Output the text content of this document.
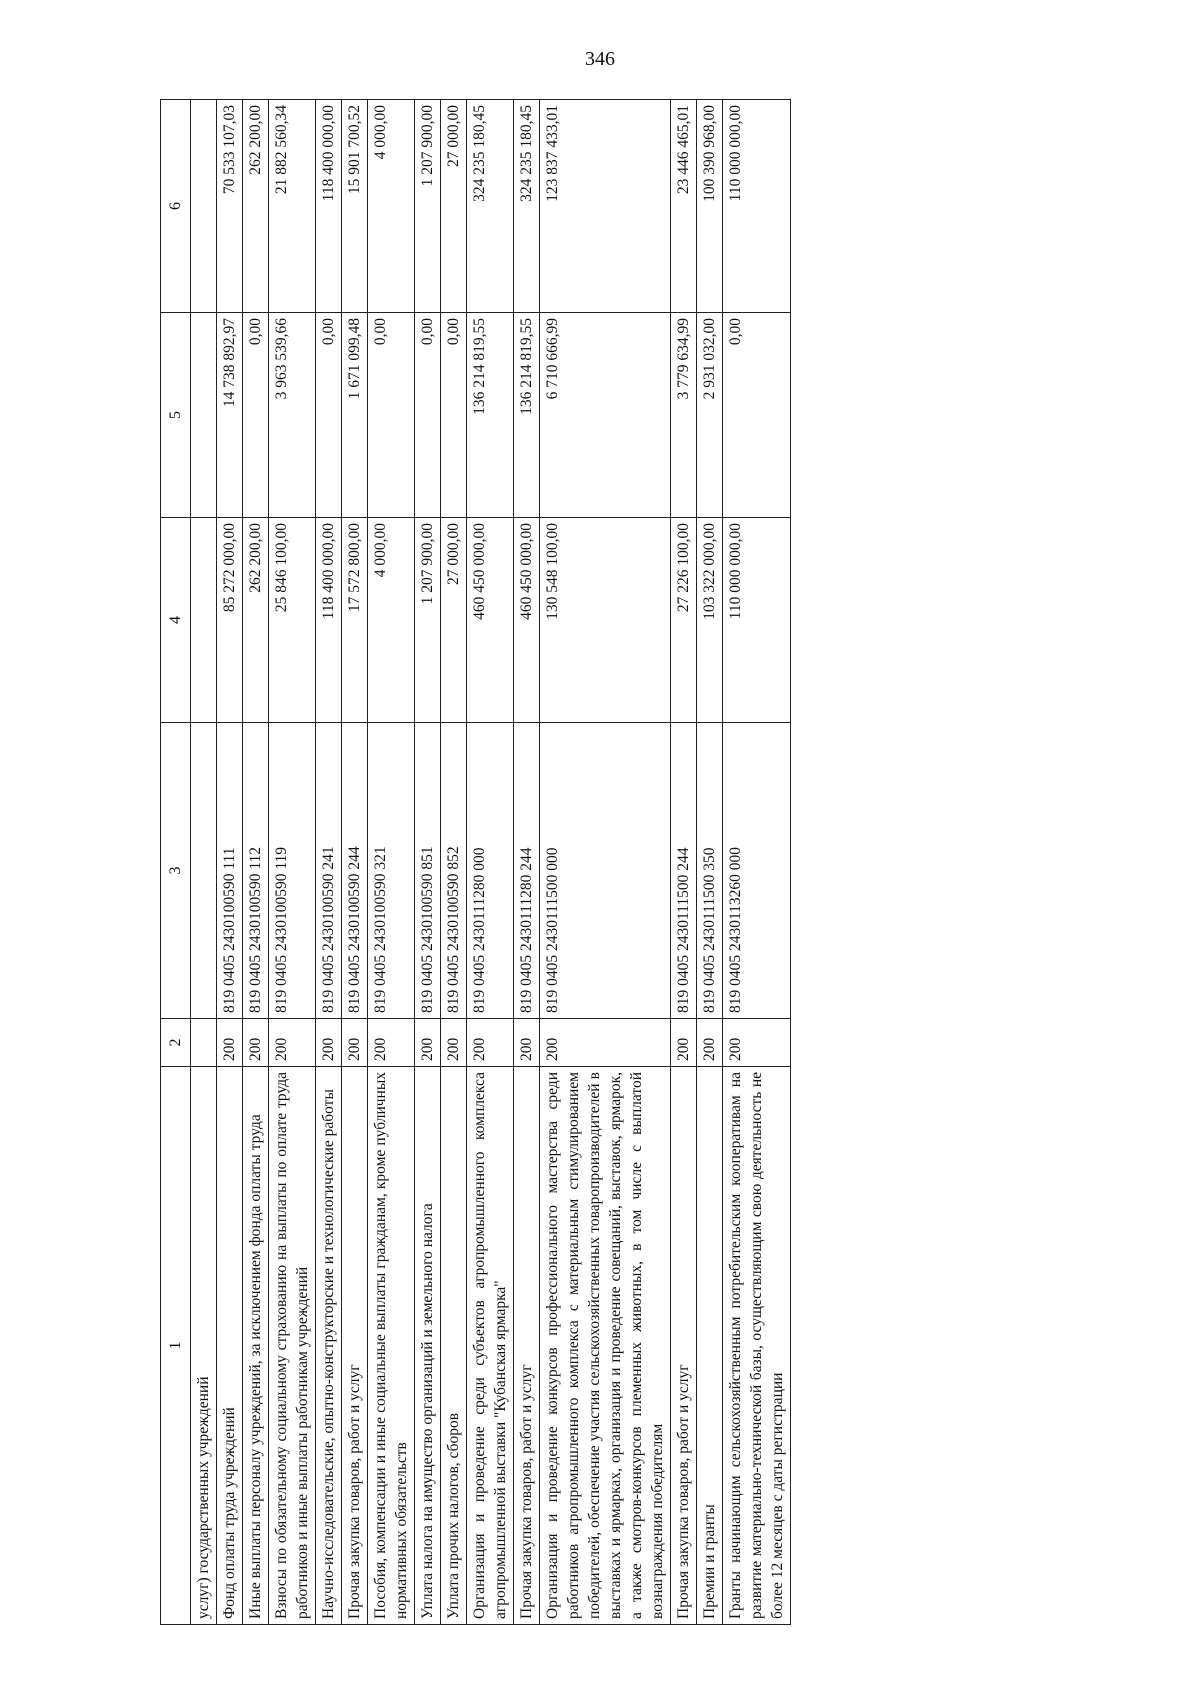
346
1	2	3	4	5	6
услуг) государственных учреждений					
Фонд оплаты труда учреждений	200	819 0405 2430100590 111	85 272 000,00	14 738 892,97	70 533 107,03
Иные выплаты персоналу учреждений, за исключением фонда оплаты труда	200	819 0405 2430100590 112	262 200,00	0,00	262 200,00
Взносы по обязательному социальному страхованию на выплаты по оплате труда работников и иные выплаты работникам учреждений	200	819 0405 2430100590 119	25 846 100,00	3 963 539,66	21 882 560,34
Научно-исследовательские, опытно-конструкторские и технологические работы	200	819 0405 2430100590 241	118 400 000,00	0,00	118 400 000,00
Прочая закупка товаров, работ и услуг	200	819 0405 2430100590 244	17 572 800,00	1 671 099,48	15 901 700,52
Пособия, компенсации и иные социальные выплаты гражданам, кроме публичных нормативных обязательств	200	819 0405 2430100590 321	4 000,00	0,00	4 000,00
Уплата налога на имущество организаций и земельного налога	200	819 0405 2430100590 851	1 207 900,00	0,00	1 207 900,00
Уплата прочих налогов, сборов	200	819 0405 2430100590 852	27 000,00	0,00	27 000,00
Организация и проведение среди субъектов агропромышленного комплекса агропромышленной выставки "Кубанская ярмарка"	200	819 0405 2430111280 000	460 450 000,00	136 214 819,55	324 235 180,45
Прочая закупка товаров, работ и услуг	200	819 0405 2430111280 244	460 450 000,00	136 214 819,55	324 235 180,45
Организация и проведение конкурсов профессионального мастерства среди работников агропромышленного комплекса с материальным стимулированием победителей, обеспечение участия сельскохозяйственных товаропроизводителей в выставках и ярмарках, организация и проведение совещаний, выставок, ярмарок, а также смотров-конкурсов племенных животных, в том числе с выплатой вознаграждения победителям	200	819 0405 2430111500 000	130 548 100,00	6 710 666,99	123 837 433,01
Прочая закупка товаров, работ и услуг	200	819 0405 2430111500 244	27 226 100,00	3 779 634,99	23 446 465,01
Премии и гранты	200	819 0405 2430111500 350	103 322 000,00	2 931 032,00	100 390 968,00
Гранты начинающим сельскохозяйственным потребительским кооперативам на развитие материально-технической базы, осуществляющим свою деятельность не более 12 месяцев с даты регистрации	200	819 0405 2430113260 000	110 000 000,00	0,00	110 000 000,00
